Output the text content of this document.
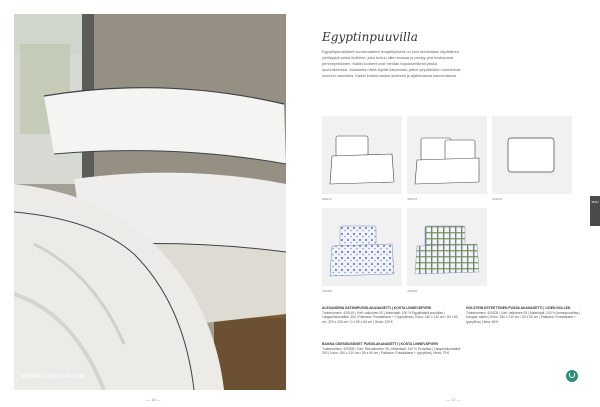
KOSTA LINNEVÄFVERI
— 16 —
Egyptinpuuvilla
Egyptinpuuvillaiset vuodevaatteet ilmapitkyinmiä on kuin kehdattaan täydellinen ylellisyyttä pelkä ihollinen, joka tuntuu siltin kaukaa ja pestyy yhä huvimpana pehmeymilöinen. Kaikki tuotteet ovat meidän hapuksellisesti yksillä suunnittelussa. Jokaiselta niistä löydät haluamasi, jotkut ympäristöön huomioivat luonnon valmistus. Kaikki korkea laatua yhdessä ja ajattomassa kauneudessa.
429115	429135	429145
429205	429305
ALEXANDRIA SATIINIPUSSILAKANASETTI | KOSTA LINNEVÄFVERI
Tuotenumero: 429115 | Väri: valkoinen 05 | Materiaali: 100 % Egyptiläistä puuvillaa | Langanlukumäärä: 300 | Pakkaus: Pussilakana + 2 tyynyliinaa | Koko: 150 x 210 cm / 50 x 60 cm, 220 x 220 cm / 2 x 50 x 60 cm | Hinta: 129 €
HOLSTEIN ESTEETTINEN PUSSILAKANASETTI | LIDEN NOLLEN
Tuotenumero: 429205 | Väri: valkoinen 05 | Materiaali: 100 % luomupuuvillaa | Kangas: satiini | Koko: 150 x 210 cm / 50 x 60 cm | Pakkaus: Pussilakana + tyynyliina | Hinta: 89 €
BAGNA ODESSIUSKISET PUSSILAKANASETTI | KOSTA LINNEVÄFVERI
Tuotenumero: 429305 | Väri: Sinivalkoinen 05 | Materiaali: 100 % Puuvillaa | Langanlukumäärä: 200 | Koko: 150 x 210 cm / 50 x 60 cm | Pakkaus: Pussilakana + tyynyliina | Hinta: 79 €
SISU
— 17 —
